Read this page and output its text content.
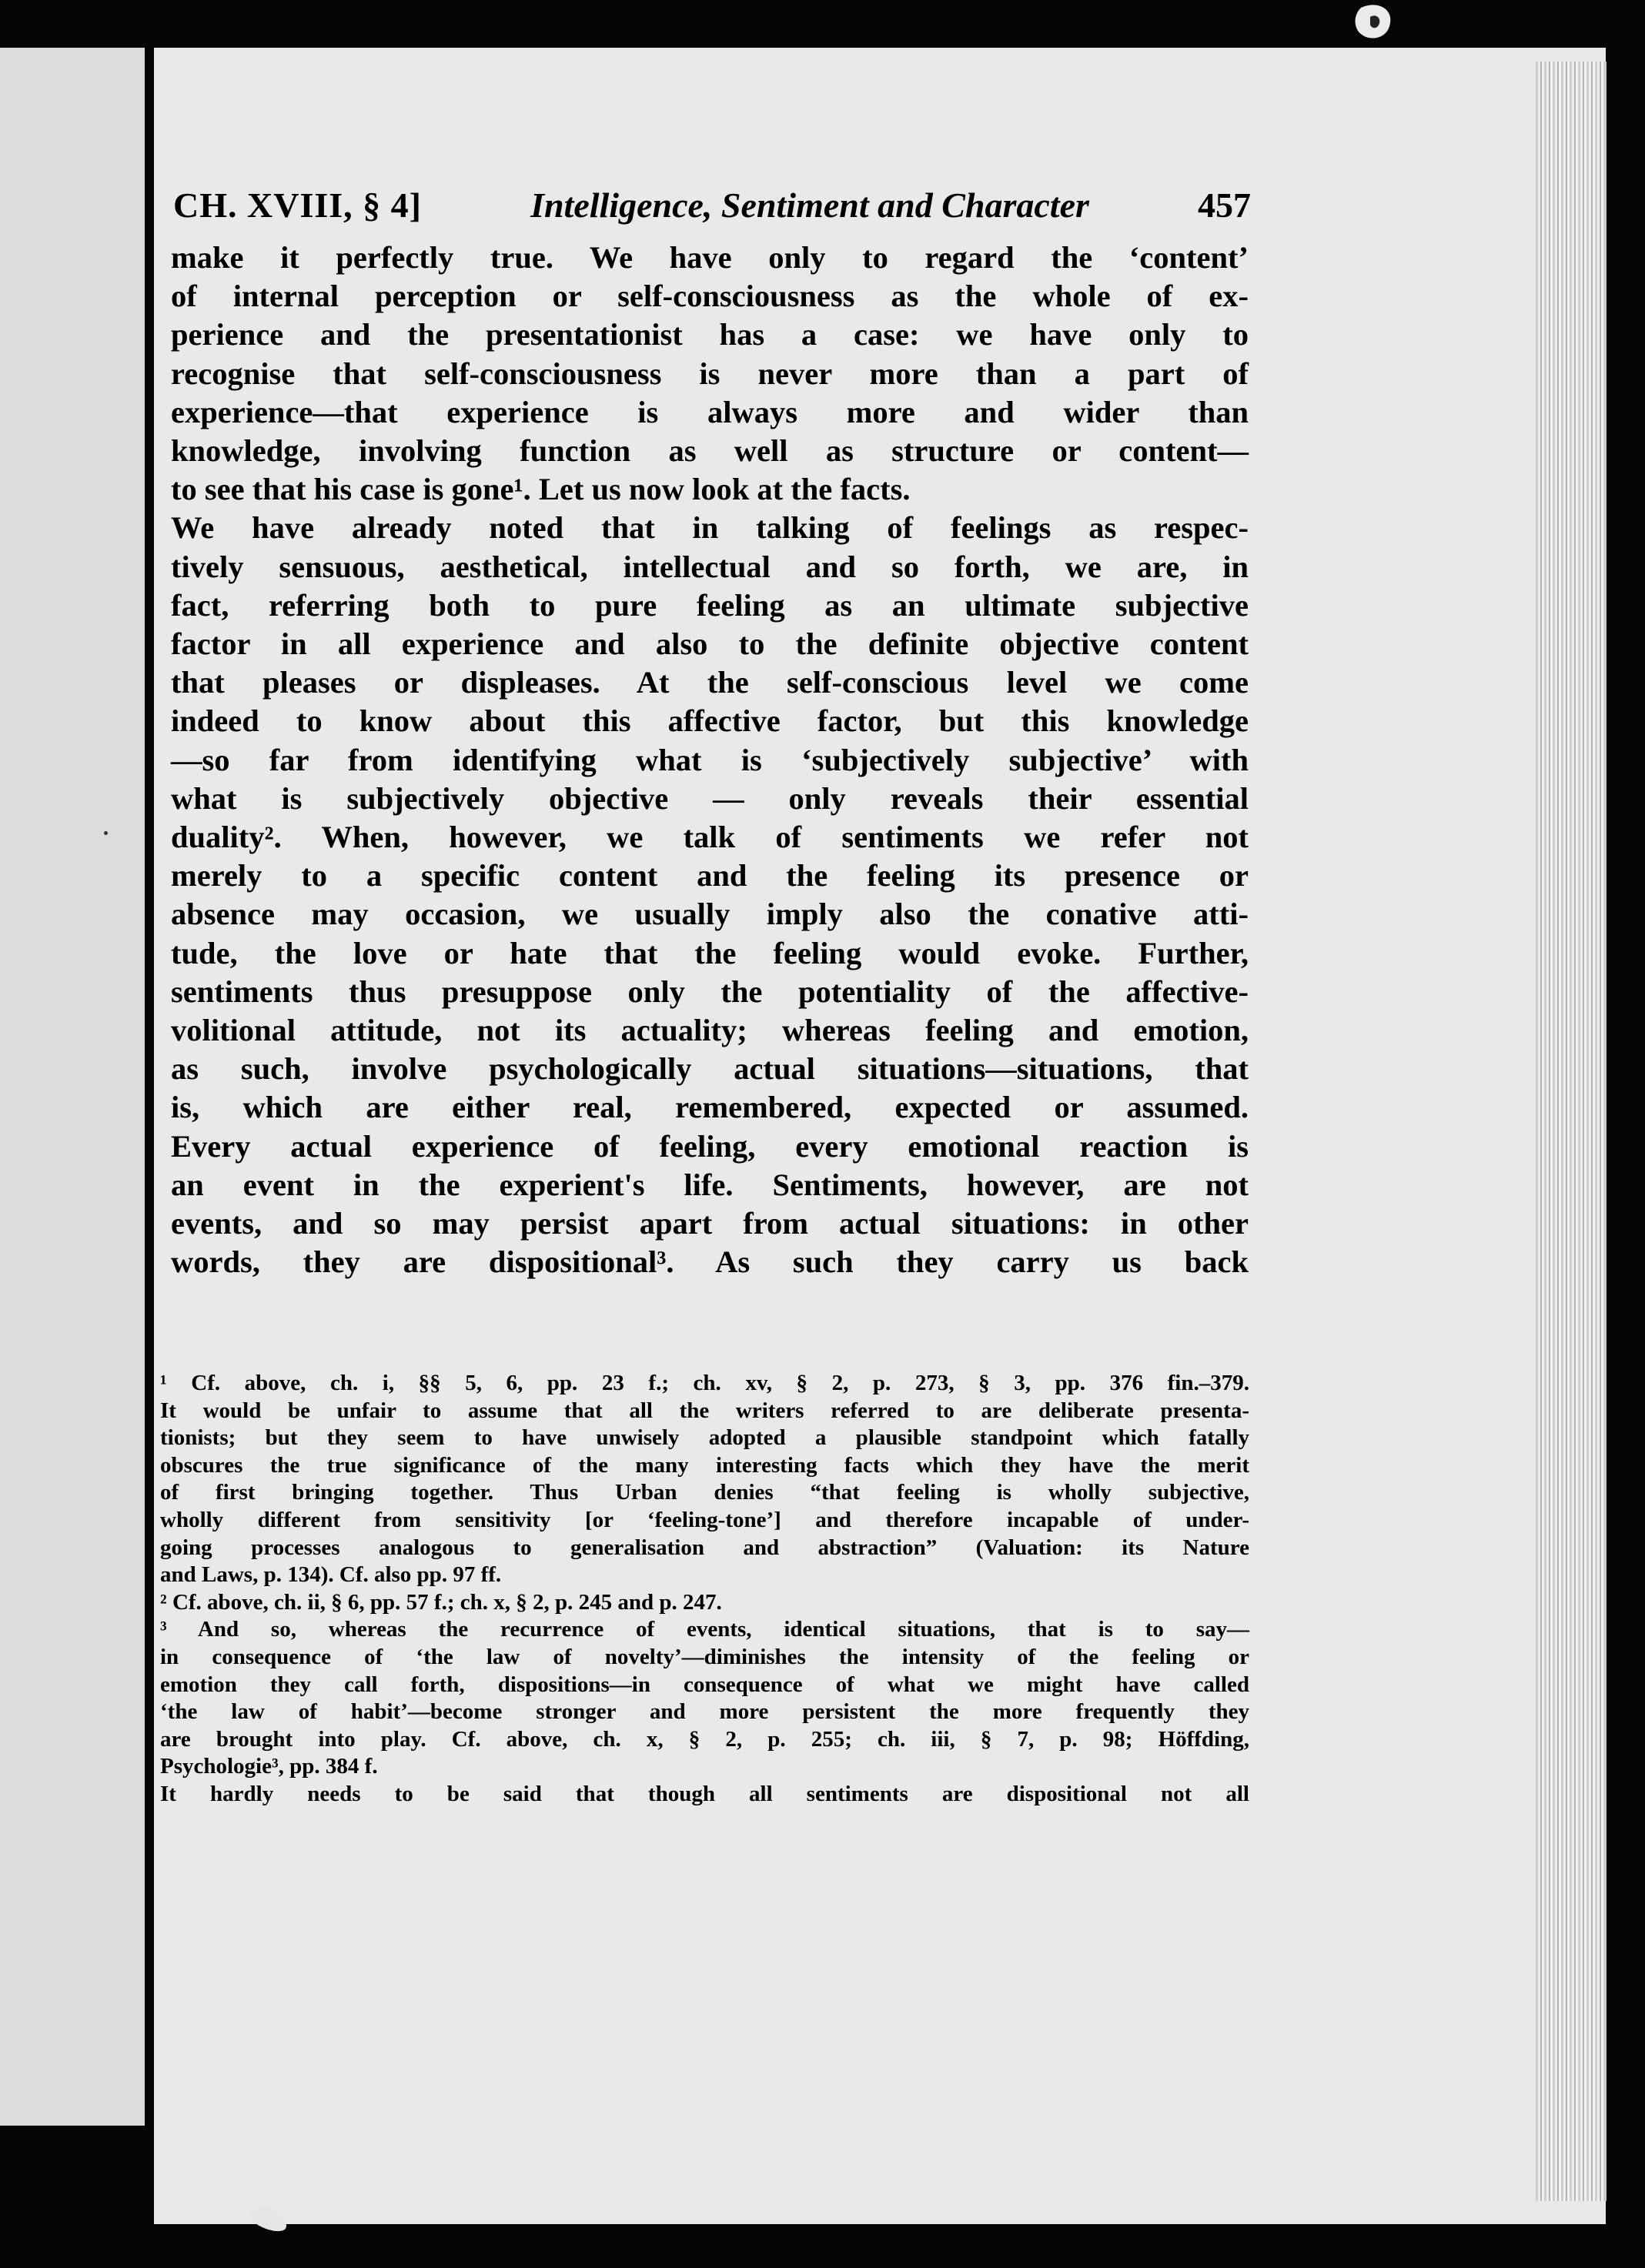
CH. XVIII, § 4]	Intelligence, Sentiment and Character	457
make it perfectly true. We have only to regard the ‘content’
of internal perception or self-consciousness as the whole of ex-
perience and the presentationist has a case: we have only to
recognise that self-consciousness is never more than a part of
experience—that experience is always more and wider than
knowledge, involving function as well as structure or content—
to see that his case is gone¹. Let us now look at the facts.
We have already noted that in talking of feelings as respec-
tively sensuous, aesthetical, intellectual and so forth, we are, in
fact, referring both to pure feeling as an ultimate subjective
factor in all experience and also to the definite objective content
that pleases or displeases. At the self-conscious level we come
indeed to know about this affective factor, but this knowledge
—so far from identifying what is ‘subjectively subjective’ with
what is subjectively objective — only reveals their essential
duality². When, however, we talk of sentiments we refer not
merely to a specific content and the feeling its presence or
absence may occasion, we usually imply also the conative atti-
tude, the love or hate that the feeling would evoke. Further,
sentiments thus presuppose only the potentiality of the affective-
volitional attitude, not its actuality; whereas feeling and emotion,
as such, involve psychologically actual situations—situations, that
is, which are either real, remembered, expected or assumed.
Every actual experience of feeling, every emotional reaction is
an event in the experient's life. Sentiments, however, are not
events, and so may persist apart from actual situations: in other
words, they are dispositional³. As such they carry us back
¹ Cf. above, ch. i, §§ 5, 6, pp. 23 f.; ch. xv, § 2, p. 273, § 3, pp. 376 fin.–379.
It would be unfair to assume that all the writers referred to are deliberate presenta-
tionists; but they seem to have unwisely adopted a plausible standpoint which fatally
obscures the true significance of the many interesting facts which they have the merit
of first bringing together. Thus Urban denies “that feeling is wholly subjective,
wholly different from sensitivity [or ‘feeling-tone’] and therefore incapable of under-
going processes analogous to generalisation and abstraction” (Valuation: its Nature
and Laws, p. 134). Cf. also pp. 97 ff.
² Cf. above, ch. ii, § 6, pp. 57 f.; ch. x, § 2, p. 245 and p. 247.
³ And so, whereas the recurrence of events, identical situations, that is to say—
in consequence of ‘the law of novelty’—diminishes the intensity of the feeling or
emotion they call forth, dispositions—in consequence of what we might have called
‘the law of habit’—become stronger and more persistent the more frequently they
are brought into play. Cf. above, ch. x, § 2, p. 255; ch. iii, § 7, p. 98; Höffding,
Psychologie³, pp. 384 f.
It hardly needs to be said that though all sentiments are dispositional not all
